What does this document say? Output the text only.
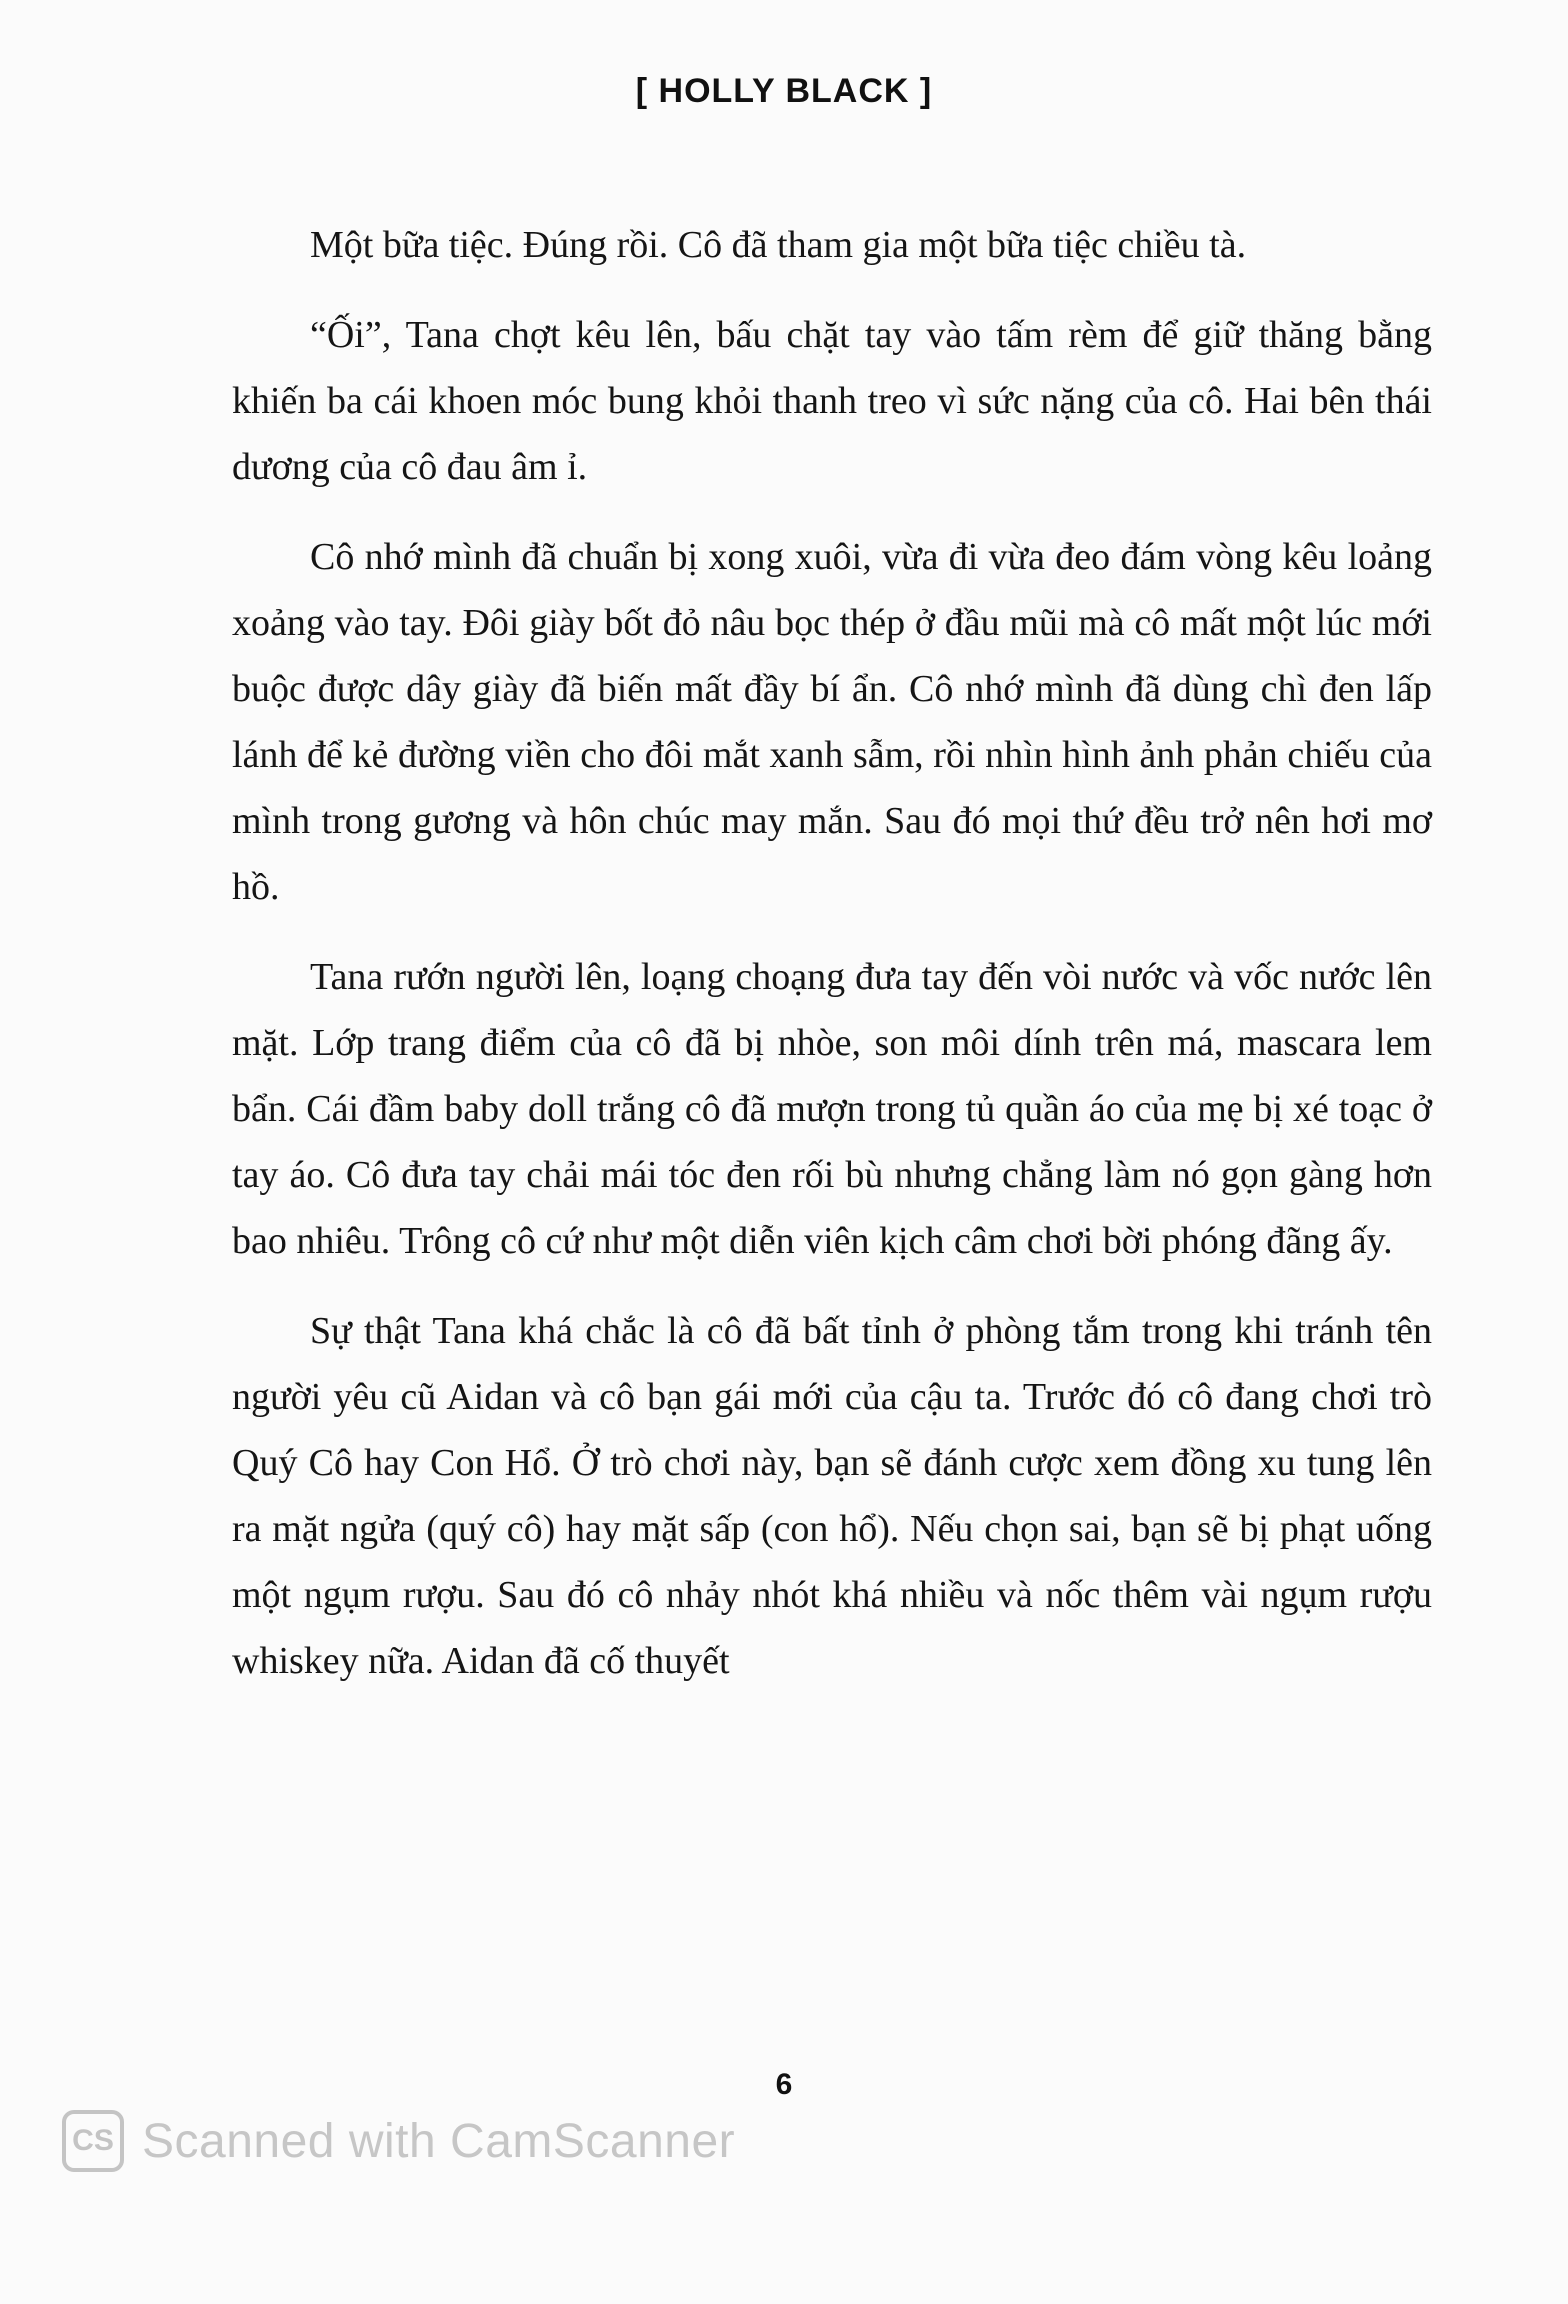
[ HOLLY BLACK ]

Một bữa tiệc. Đúng rồi. Cô đã tham gia một bữa tiệc chiều tà.

“Ối”, Tana chợt kêu lên, bấu chặt tay vào tấm rèm để giữ thăng bằng khiến ba cái khoen móc bung khỏi thanh treo vì sức nặng của cô. Hai bên thái dương của cô đau âm ỉ.

Cô nhớ mình đã chuẩn bị xong xuôi, vừa đi vừa đeo đám vòng kêu loảng xoảng vào tay. Đôi giày bốt đỏ nâu bọc thép ở đầu mũi mà cô mất một lúc mới buộc được dây giày đã biến mất đầy bí ẩn. Cô nhớ mình đã dùng chì đen lấp lánh để kẻ đường viền cho đôi mắt xanh sẫm, rồi nhìn hình ảnh phản chiếu của mình trong gương và hôn chúc may mắn. Sau đó mọi thứ đều trở nên hơi mơ hồ.

Tana rướn người lên, loạng choạng đưa tay đến vòi nước và vốc nước lên mặt. Lớp trang điểm của cô đã bị nhòe, son môi dính trên má, mascara lem bẩn. Cái đầm baby doll trắng cô đã mượn trong tủ quần áo của mẹ bị xé toạc ở tay áo. Cô đưa tay chải mái tóc đen rối bù nhưng chẳng làm nó gọn gàng hơn bao nhiêu. Trông cô cứ như một diễn viên kịch câm chơi bời phóng đãng ấy.

Sự thật Tana khá chắc là cô đã bất tỉnh ở phòng tắm trong khi tránh tên người yêu cũ Aidan và cô bạn gái mới của cậu ta. Trước đó cô đang chơi trò Quý Cô hay Con Hổ. Ở trò chơi này, bạn sẽ đánh cược xem đồng xu tung lên ra mặt ngửa (quý cô) hay mặt sấp (con hổ). Nếu chọn sai, bạn sẽ bị phạt uống một ngụm rượu. Sau đó cô nhảy nhót khá nhiều và nốc thêm vài ngụm rượu whiskey nữa. Aidan đã cố thuyết

6
CS Scanned with CamScanner
